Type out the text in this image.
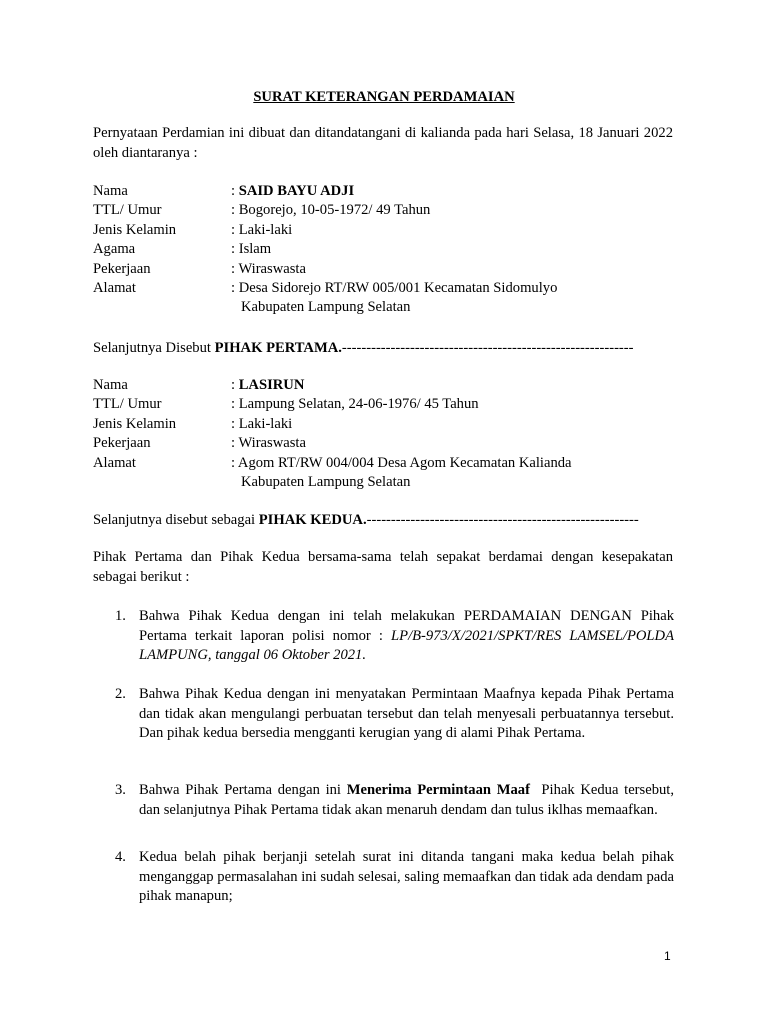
SURAT KETERANGAN PERDAMAIAN
Pernyataan Perdamian ini dibuat dan ditandatangani di kalianda pada hari Selasa, 18 Januari 2022 oleh diantaranya :
Nama	: SAID BAYU ADJI
TTL/ Umur	: Bogorejo, 10-05-1972/ 49 Tahun
Jenis Kelamin	: Laki-laki
Agama	: Islam
Pekerjaan	: Wiraswasta
Alamat	: Desa Sidorejo RT/RW 005/001 Kecamatan Sidomulyo
Kabupaten Lampung Selatan
Selanjutnya Disebut PIHAK PERTAMA.------------------------------------------------------------
Nama	: LASIRUN
TTL/ Umur	: Lampung Selatan, 24-06-1976/ 45 Tahun
Jenis Kelamin	: Laki-laki
Pekerjaan	: Wiraswasta
Alamat	: Agom RT/RW 004/004 Desa Agom Kecamatan Kalianda
Kabupaten Lampung Selatan
Selanjutnya disebut sebagai PIHAK KEDUA.--------------------------------------------------------
Pihak Pertama dan Pihak Kedua bersama-sama telah sepakat berdamai dengan kesepakatan sebagai berikut :
1. Bahwa Pihak Kedua dengan ini telah melakukan PERDAMAIAN DENGAN Pihak Pertama terkait laporan polisi nomor : LP/B-973/X/2021/SPKT/RES LAMSEL/POLDA LAMPUNG, tanggal 06 Oktober 2021.
2. Bahwa Pihak Kedua dengan ini menyatakan Permintaan Maafnya kepada Pihak Pertama dan tidak akan mengulangi perbuatan tersebut dan telah menyesali perbuatannya tersebut. Dan pihak kedua bersedia mengganti kerugian yang di alami Pihak Pertama.
3. Bahwa Pihak Pertama dengan ini Menerima Permintaan Maaf  Pihak Kedua tersebut, dan selanjutnya Pihak Pertama tidak akan menaruh dendam dan tulus iklhas memaafkan.
4. Kedua belah pihak berjanji setelah surat ini ditanda tangani maka kedua belah pihak menganggap permasalahan ini sudah selesai, saling memaafkan dan tidak ada dendam pada pihak manapun;
1
